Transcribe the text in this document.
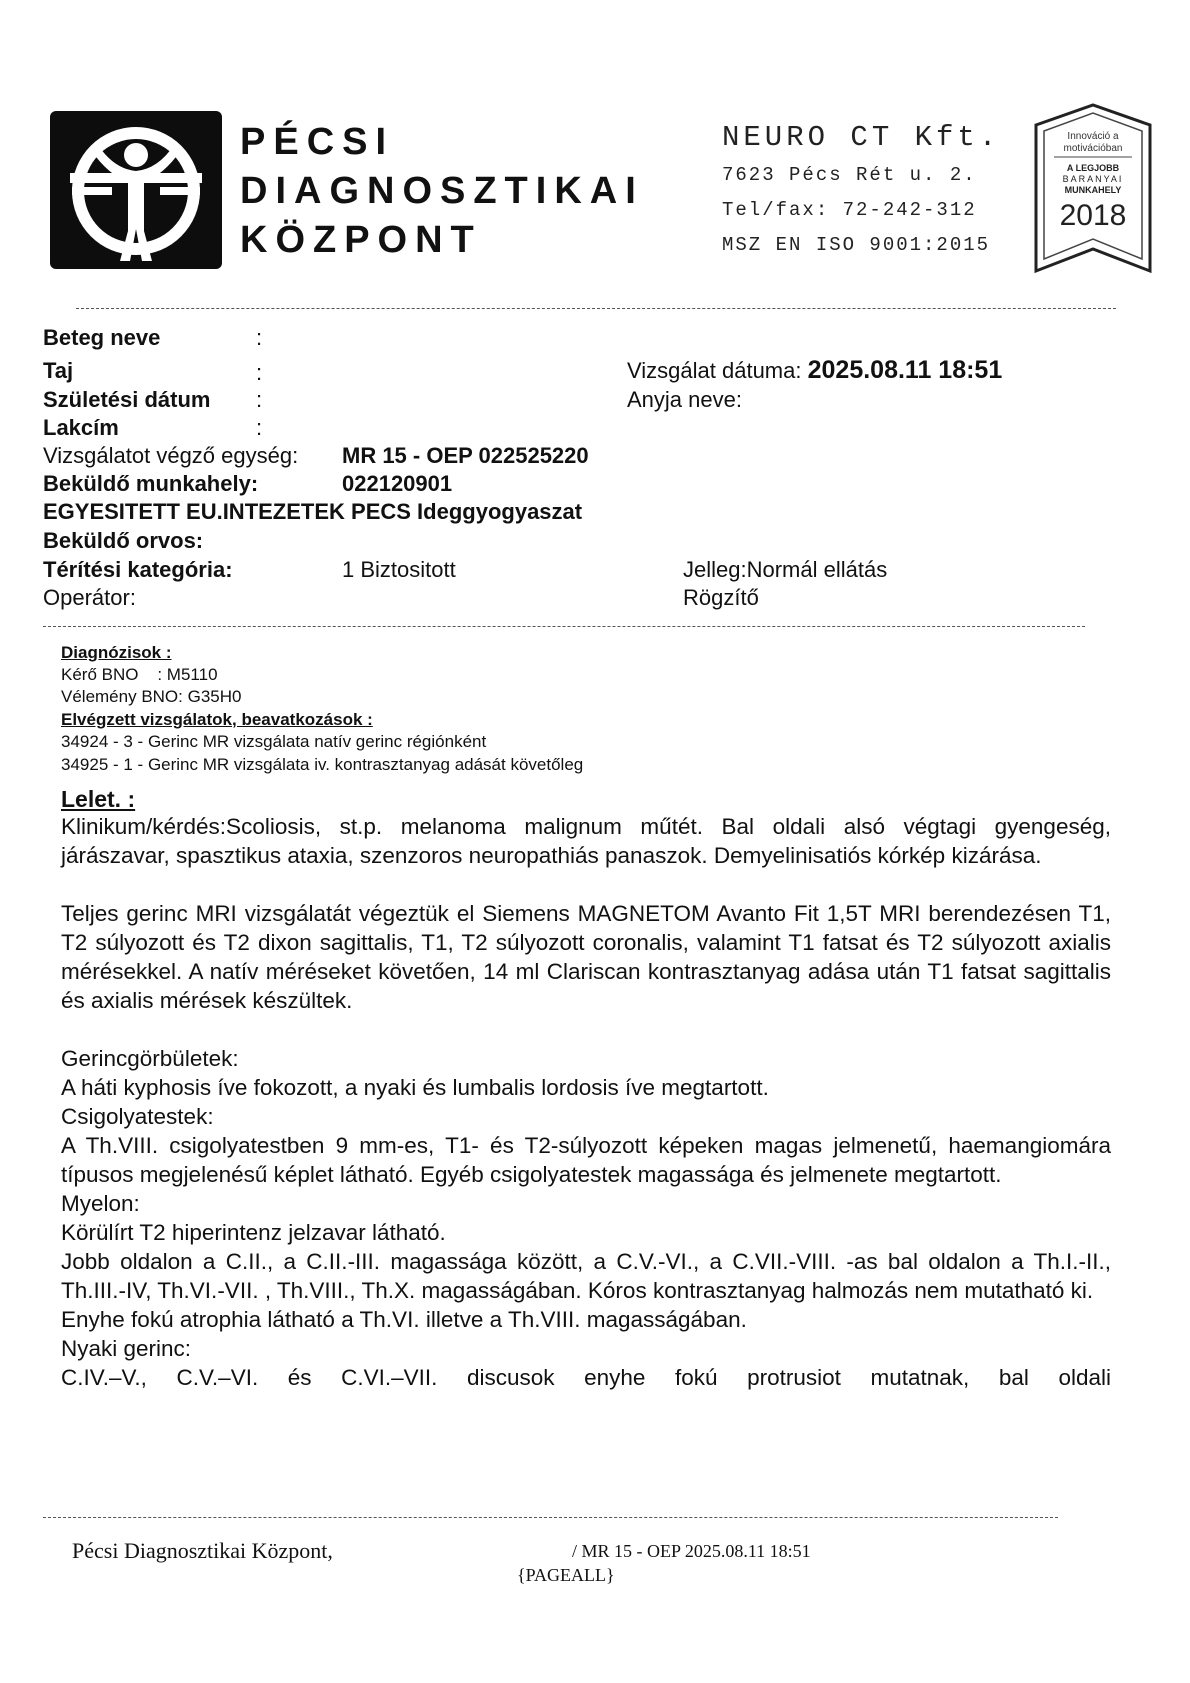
PÉCSI
DIAGNOSZTIKAI
KÖZPONT
NEURO CT Kft.
7623 Pécs Rét u. 2.
Tel/fax: 72-242-312
MSZ EN ISO 9001:2015
Innováció a
motivációban
A LEGJOBB
BARANYAI
MUNKAHELY
2018
Beteg neve	:
Taj	:	Vizsgálat dátuma: 2025.08.11 18:51
Születési dátum :	Anyja neve:
Lakcím	:
Vizsgálatot végző egység: MR 15 - OEP 022525220
Beküldő munkahely:	022120901
EGYESITETT EU.INTEZETEK PECS Ideggyogyaszat
Beküldő orvos:
Térítési kategória:	1 Biztositott	Jelleg:Normál ellátás
Operátor:	Rögzítő
Diagnózisok :
Kérő BNO    : M5110
Vélemény BNO: G35H0
Elvégzett vizsgálatok, beavatkozások :
34924 - 3 - Gerinc MR vizsgálata natív gerinc régiónként
34925 - 1 - Gerinc MR vizsgálata iv. kontrasztanyag adását követőleg
Lelet. :

Klinikum/kérdés:Scoliosis, st.p. melanoma malignum műtét. Bal oldali alsó végtagi gyengeség, járászavar, spasztikus ataxia, szenzoros neuropathiás panaszok. Demyelinisatiós kórkép kizárása.

Teljes gerinc MRI vizsgálatát végeztük el Siemens MAGNETOM Avanto Fit 1,5T MRI berendezésen T1, T2 súlyozott és T2 dixon sagittalis, T1, T2 súlyozott coronalis, valamint T1 fatsat és T2 súlyozott axialis mérésekkel. A natív méréseket követően, 14 ml Clariscan kontrasztanyag adása után T1 fatsat sagittalis és axialis mérések készültek.

Gerincgörbületek:

A háti kyphosis íve fokozott, a nyaki és lumbalis lordosis íve megtartott.

Csigolyatestek:

A Th.VIII. csigolyatestben 9 mm-es, T1- és T2-súlyozott képeken magas jelmenetű, haemangiomára típusos megjelenésű képlet látható. Egyéb csigolyatestek magassága és jelmenete megtartott.

Myelon:

Körülírt T2 hiperintenz jelzavar látható.

Jobb oldalon a C.II., a C.II.-III. magassága között, a C.V.-VI., a C.VII.-VIII. -as bal oldalon a Th.I.-II., Th.III.-IV, Th.VI.-VII. , Th.VIII., Th.X. magasságában. Kóros kontrasztanyag halmozás nem mutatható ki.

Enyhe fokú atrophia látható a Th.VI. illetve a Th.VIII. magasságában.

Nyaki gerinc:

C.IV.–V., C.V.–VI. és C.VI.–VII. discusok enyhe fokú protrusiot mutatnak, bal oldali

Pécsi Diagnosztikai Központ,	/ MR 15 - OEP 2025.08.11 18:51
{PAGEALL}
